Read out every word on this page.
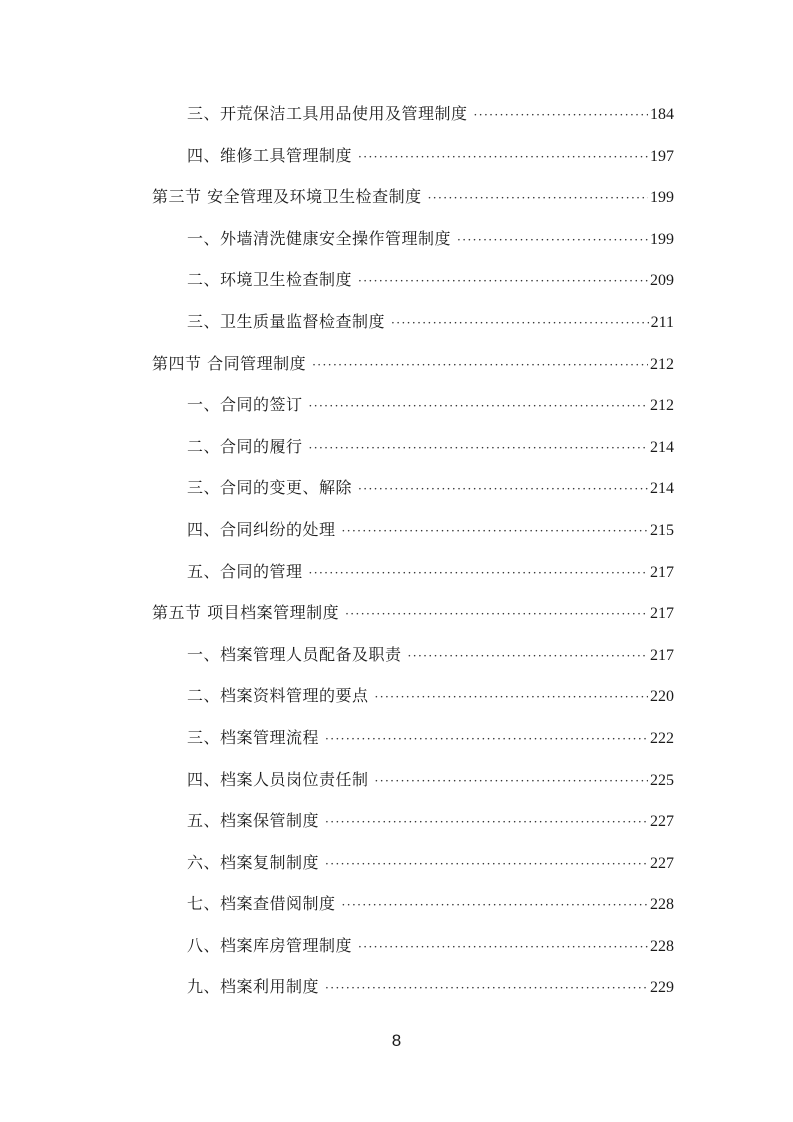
三、开荒保洁工具用品使用及管理制度 ·····	184
四、维修工具管理制度 ·····	197
第三节 安全管理及环境卫生检查制度 ·····	199
一、外墙清洗健康安全操作管理制度 ·····	199
二、环境卫生检查制度 ·····	209
三、卫生质量监督检查制度 ·····	211
第四节 合同管理制度 ·····	212
一、合同的签订 ·····	212
二、合同的履行 ·····	214
三、合同的变更、解除 ·····	214
四、合同纠纷的处理 ·····	215
五、合同的管理 ·····	217
第五节 项目档案管理制度 ·····	217
一、档案管理人员配备及职责 ·····	217
二、档案资料管理的要点 ·····	220
三、档案管理流程 ·····	222
四、档案人员岗位责任制 ·····	225
五、档案保管制度 ·····	227
六、档案复制制度 ·····	227
七、档案查借阅制度 ·····	228
八、档案库房管理制度 ·····	228
九、档案利用制度 ·····	229
8
